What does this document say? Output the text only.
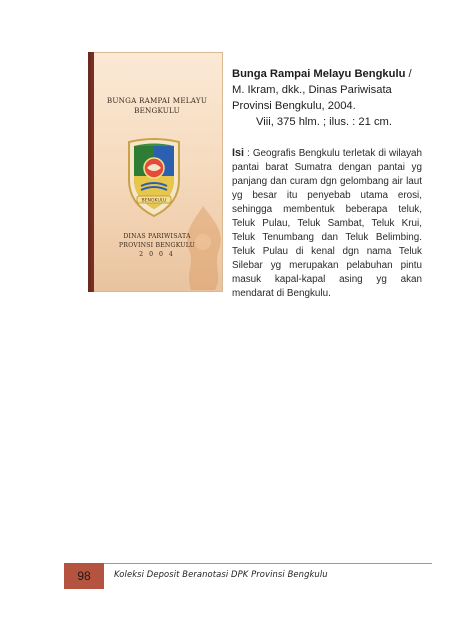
BUNGA RAMPAI MELAYU
BENGKULU
BENGKULU
DINAS PARIWISATA
PROVINSI BENGKULU
2 0 0 4
Bunga Rampai Melayu Bengkulu /
M. Ikram, dkk., Dinas Pariwisata
Provinsi Bengkulu, 2004.
Viii, 375 hlm. ; ilus. : 21 cm.
Isi : Geografis Bengkulu terletak di wilayah pantai barat Sumatra dengan pantai yg panjang dan curam dgn gelombang air laut yg besar itu penyebab utama erosi, sehingga membentuk beberapa teluk, Teluk Pulau, Teluk Sambat, Teluk Krui, Teluk Tenumbang dan Teluk Belimbing. Teluk Pulau di kenal dgn nama Teluk Silebar yg merupakan pelabuhan pintu masuk kapal-kapal asing yg akan mendarat di Bengkulu.
98	Koleksi Deposit Beranotasi DPK Provinsi Bengkulu
